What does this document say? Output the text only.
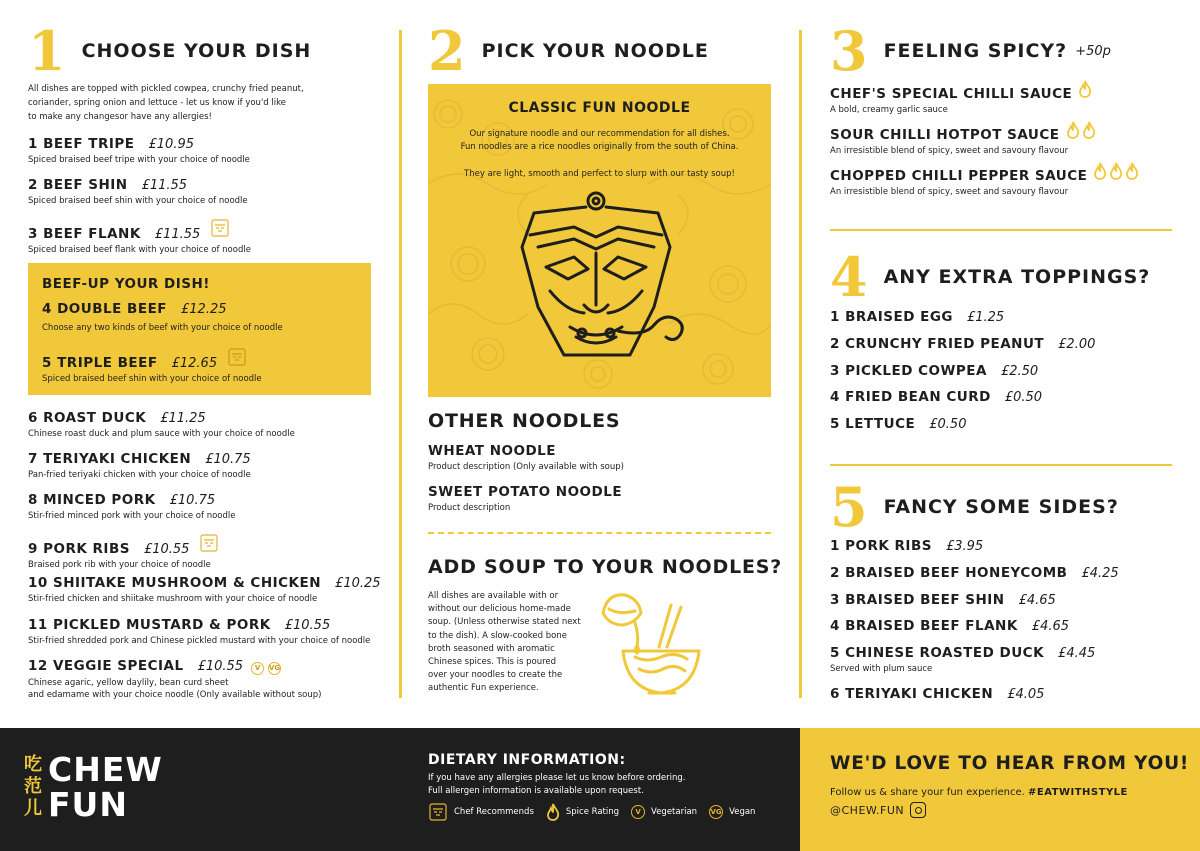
1 CHOOSE YOUR DISH
All dishes are topped with pickled cowpea, crunchy fried peanut,
coriander, spring onion and lettuce - let us know if you'd like
to make any changesor have any allergies!
1 BEEF TRIPE £10.95
Spiced braised beef tripe with your choice of noodle
2 BEEF SHIN £11.55
Spiced braised beef shin with your choice of noodle
3 BEEF FLANK £11.55
Spiced braised beef flank with your choice of noodle
BEEF-UP YOUR DISH!
4 DOUBLE BEEF £12.25
Choose any two kinds of beef with your choice of noodle
5 TRIPLE BEEF £12.65
Spiced braised beef shin with your choice of noodle
6 ROAST DUCK £11.25
Chinese roast duck and plum sauce with your choice of noodle
7 TERIYAKI CHICKEN £10.75
Pan-fried teriyaki chicken with your choice of noodle
8 MINCED PORK £10.75
Stir-fried minced pork with your choice of noodle
9 PORK RIBS £10.55
Braised pork rib with your choice of noodle
10 SHIITAKE MUSHROOM & CHICKEN £10.25
Stir-fried chicken and shiitake mushroom with your choice of noodle
11 PICKLED MUSTARD & PORK £10.55
Stir-fried shredded pork and Chinese pickled mustard with your choice of noodle
12 VEGGIE SPECIAL £10.55	V	VG
Chinese agaric, yellow daylily, bean curd sheet
and edamame with your choice noodle (Only available without soup)
2 PICK YOUR NOODLE
CLASSIC FUN NOODLE
Our signature noodle and our recommendation for all dishes.
Fun noodles are a rice noodles originally from the south of China.
They are light, smooth and perfect to slurp with our tasty soup!
OTHER NOODLES
WHEAT NOODLE
Product description (Only available with soup)
SWEET POTATO NOODLE
Product description
ADD SOUP TO YOUR NOODLES?
All dishes are available with or
without our delicious home-made
soup. (Unless otherwise stated next
to the dish). A slow-cooked bone
broth seasoned with aromatic
Chinese spices. This is poured
over your noodles to create the
authentic Fun experience.
3 FEELING SPICY? +50p
CHEF'S SPECIAL CHILLI SAUCE
A bold, creamy garlic sauce
SOUR CHILLI HOTPOT SAUCE
An irresistible blend of spicy, sweet and savoury flavour
CHOPPED CHILLI PEPPER SAUCE
An irresistible blend of spicy, sweet and savoury flavour
4 ANY EXTRA TOPPINGS?
1 BRAISED EGG £1.25
2 CRUNCHY FRIED PEANUT £2.00
3 PICKLED COWPEA £2.50
4 FRIED BEAN CURD £0.50
5 LETTUCE £0.50
5 FANCY SOME SIDES?
1 PORK RIBS £3.95
2 BRAISED BEEF HONEYCOMB £4.25
3 BRAISED BEEF SHIN £4.65
4 BRAISED BEEF FLANK £4.65
5 CHINESE ROASTED DUCK £4.45
Served with plum sauce
6 TERIYAKI CHICKEN £4.05
吃
范
儿
CHEW
FUN
DIETARY INFORMATION:
If you have any allergies please let us know before ordering.
Full allergen information is available upon request.
Chef Recommends	Spice Rating	V	Vegetarian VG Vegan
WE'D LOVE TO HEAR FROM YOU!
Follow us & share your fun experience. #EATWITHSTYLE
@CHEW.FUN
